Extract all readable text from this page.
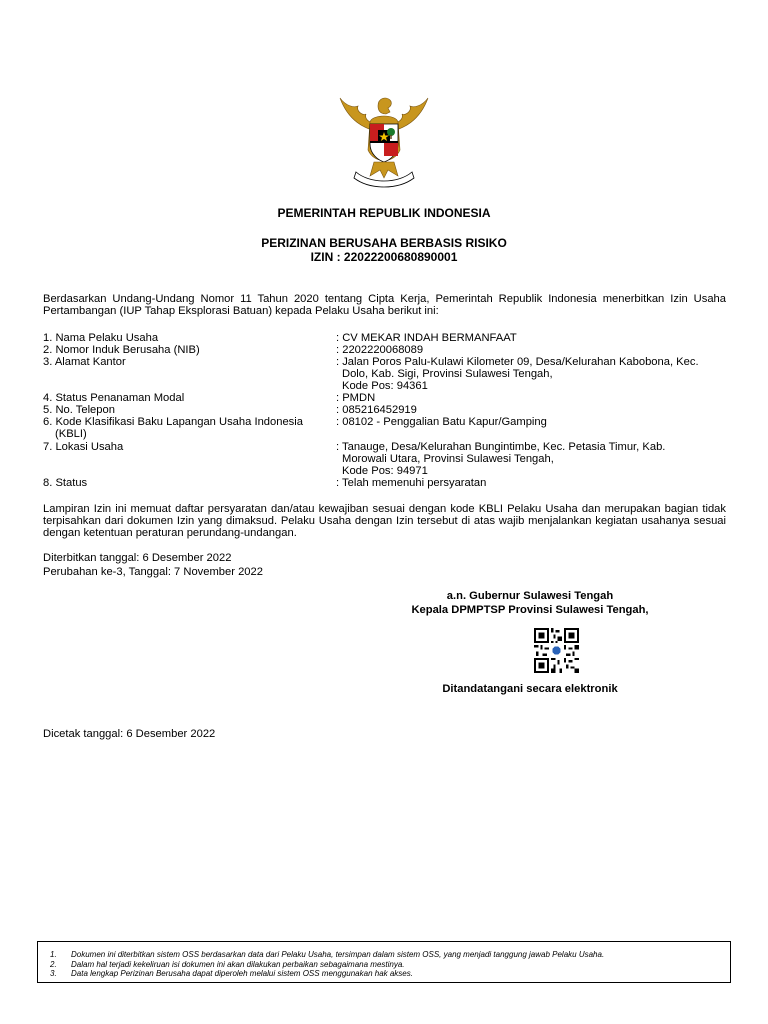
PEMERINTAH REPUBLIK INDONESIA
PERIZINAN BERUSAHA BERBASIS RISIKO
IZIN : 22022200680890001
Berdasarkan Undang-Undang Nomor 11 Tahun 2020 tentang Cipta Kerja, Pemerintah Republik Indonesia menerbitkan Izin Usaha Pertambangan (IUP Tahap Eksplorasi Batuan) kepada Pelaku Usaha berikut ini:
1. Nama Pelaku Usaha	: CV MEKAR INDAH BERMANFAAT
2. Nomor Induk Berusaha (NIB)	: 2202220068089
3. Alamat Kantor	: Jalan Poros Palu-Kulawi Kilometer 09, Desa/Kelurahan Kabobona, Kec.
Dolo, Kab. Sigi, Provinsi Sulawesi Tengah,
Kode Pos: 94361
4. Status Penanaman Modal	: PMDN
5. No. Telepon	: 085216452919
6. Kode Klasifikasi Baku Lapangan Usaha Indonesia
(KBLI)
: 08102 - Penggalian Batu Kapur/Gamping
7. Lokasi Usaha	: Tanauge, Desa/Kelurahan Bungintimbe, Kec. Petasia Timur, Kab.
Morowali Utara, Provinsi Sulawesi Tengah,
Kode Pos: 94971
8. Status	: Telah memenuhi persyaratan
Lampiran Izin ini memuat daftar persyaratan dan/atau kewajiban sesuai dengan kode KBLI Pelaku Usaha dan merupakan bagian tidak terpisahkan dari dokumen Izin yang dimaksud. Pelaku Usaha dengan Izin tersebut di atas wajib menjalankan kegiatan usahanya sesuai dengan ketentuan peraturan perundang-undangan.
Diterbitkan tanggal: 6 Desember 2022
Perubahan ke-3, Tanggal: 7 November 2022
a.n. Gubernur Sulawesi Tengah
Kepala DPMPTSP Provinsi Sulawesi Tengah,
Ditandatangani secara elektronik
Dicetak tanggal: 6 Desember 2022
1. Dokumen ini diterbitkan sistem OSS berdasarkan data dari Pelaku Usaha, tersimpan dalam sistem OSS, yang menjadi tanggung jawab Pelaku Usaha.
2. Dalam hal terjadi kekeliruan isi dokumen ini akan dilakukan perbaikan sebagaimana mestinya.
3. Data lengkap Perizinan Berusaha dapat diperoleh melalui sistem OSS menggunakan hak akses.
